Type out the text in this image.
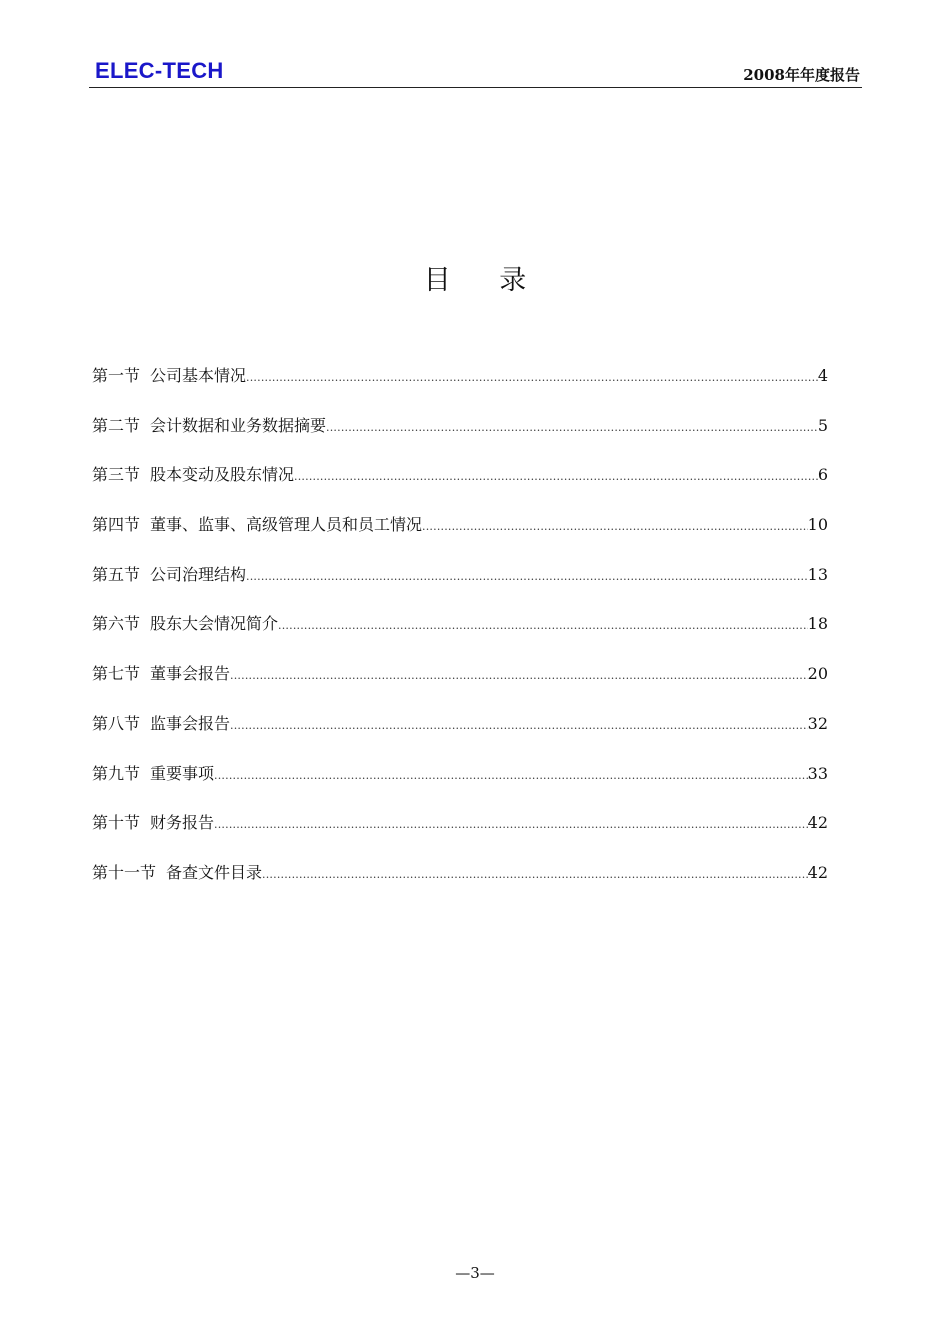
ELEC-TECH	2008年年度报告
目 录
第一节 公司基本情况 .....	4
第二节 会计数据和业务数据摘要 .....	5
第三节 股本变动及股东情况 .....	6
第四节 董事、监事、高级管理人员和员工情况 .....	10
第五节 公司治理结构 .....	13
第六节 股东大会情况简介 .....	18
第七节 董事会报告 .....	20
第八节 监事会报告 .....	32
第九节 重要事项 .....	33
第十节 财务报告 .....	42
第十一节 备查文件目录 .....	42
—3—
